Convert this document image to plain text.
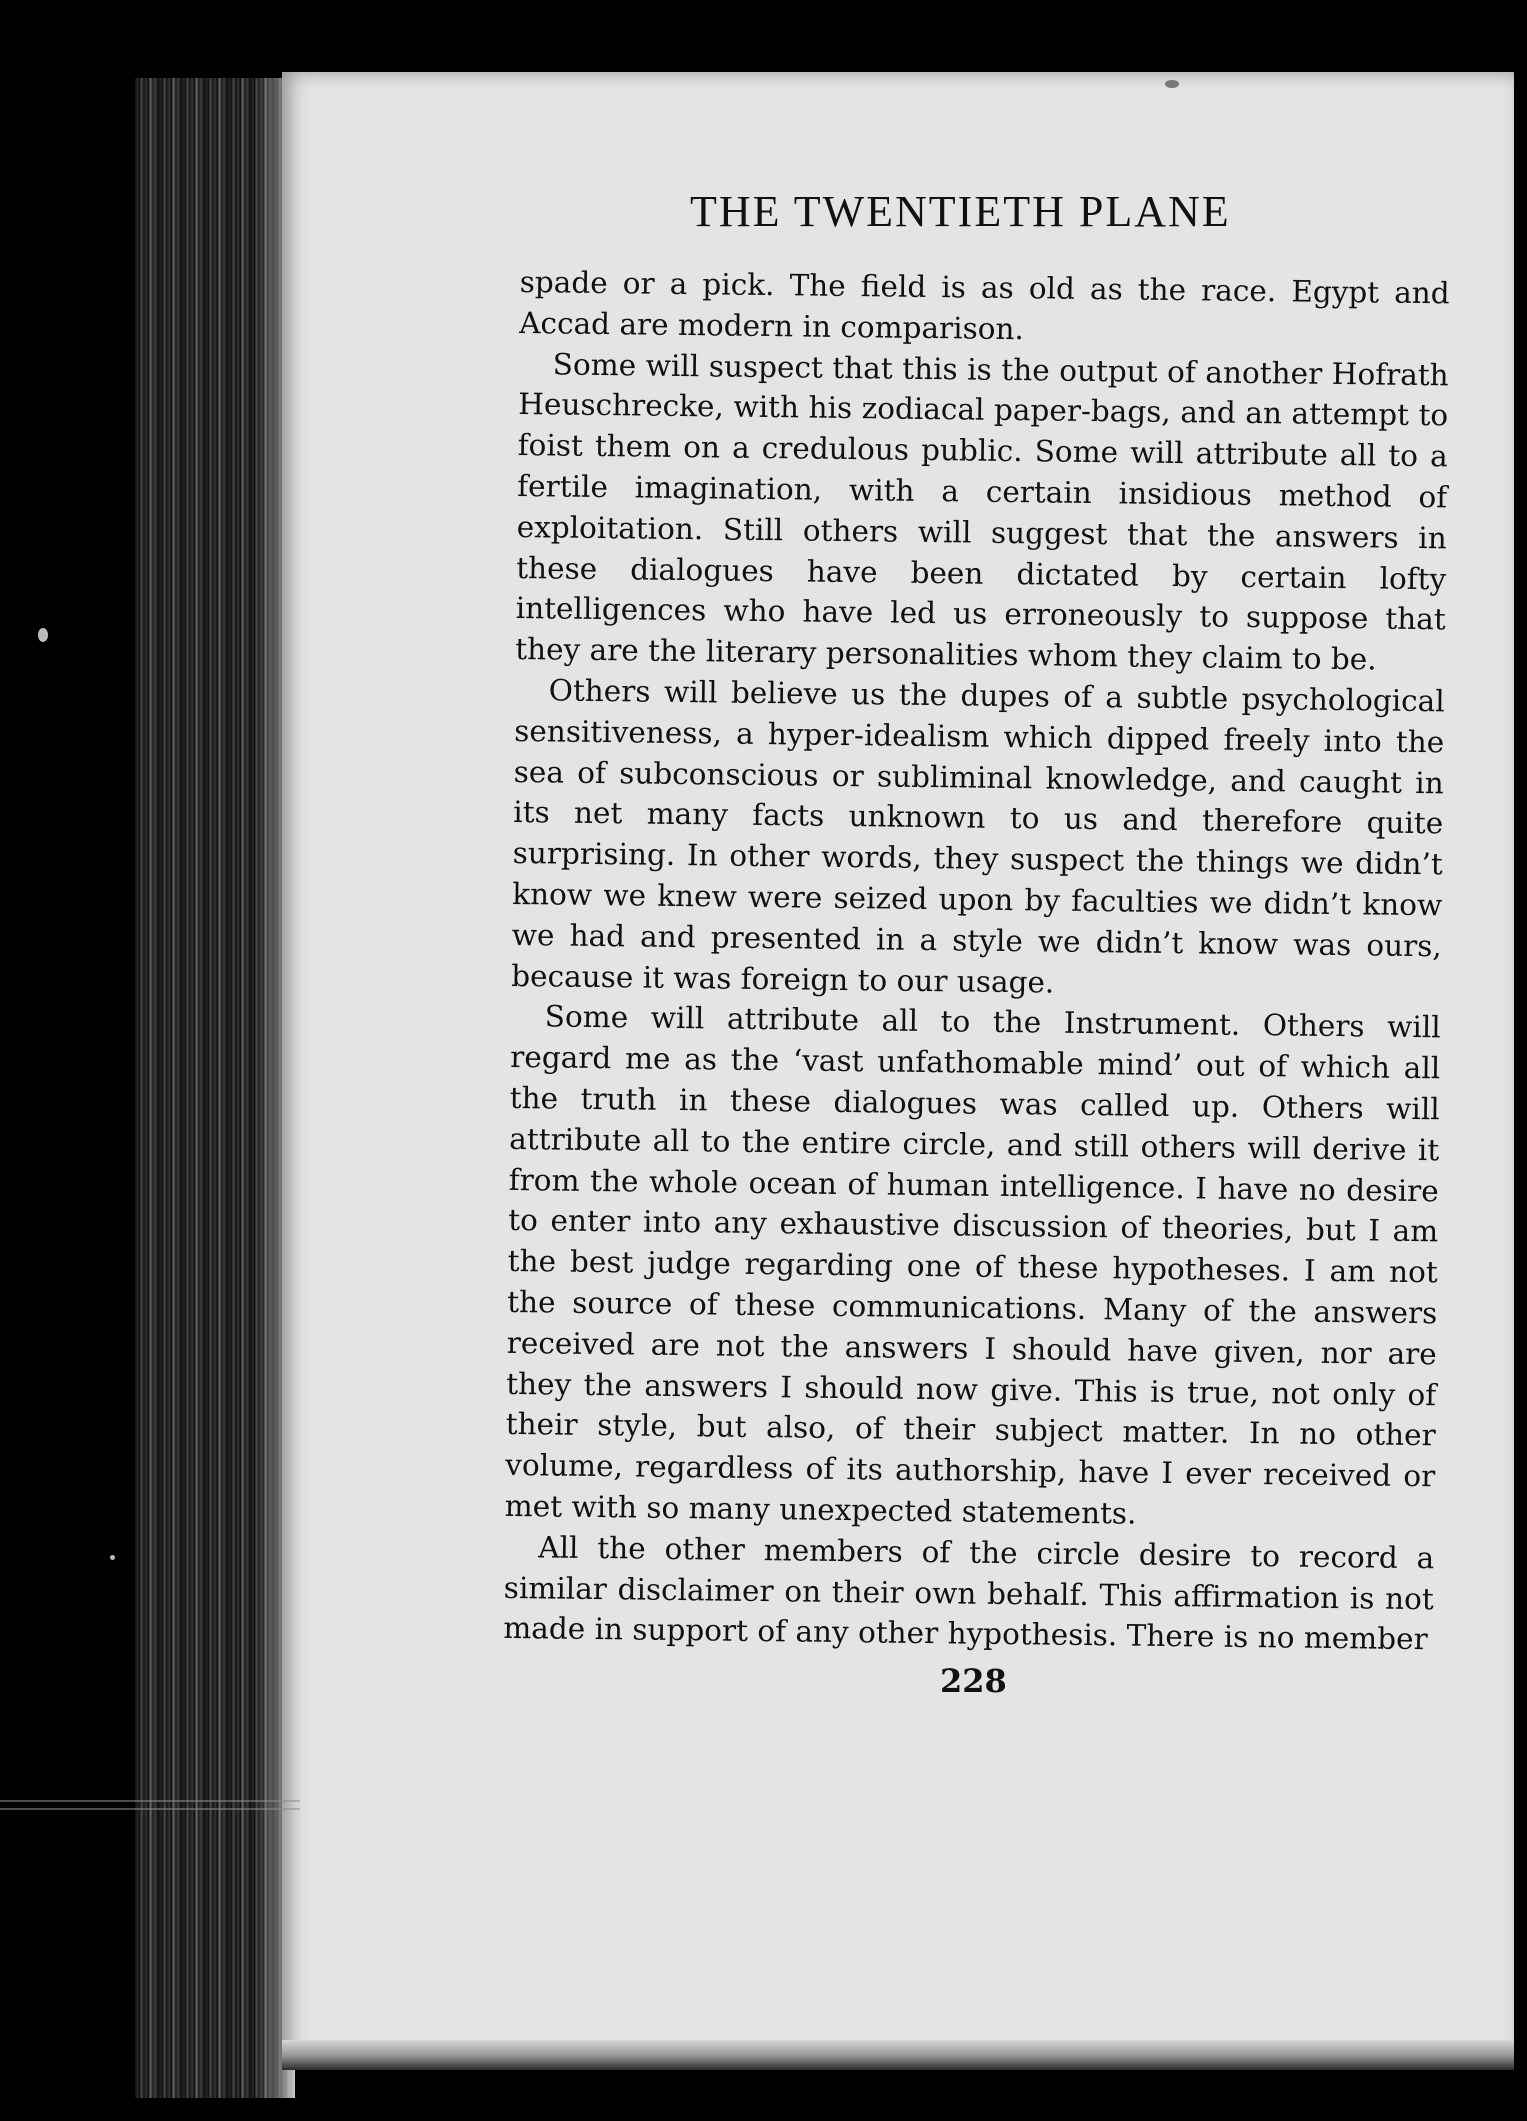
THE TWENTIETH PLANE

spade or a pick. The field is as old as the race. Egypt and Accad are modern in comparison.

Some will suspect that this is the output of another Hofrath Heuschrecke, with his zodiacal paper-bags, and an attempt to foist them on a credulous public. Some will attribute all to a fertile imagination, with a certain insidious method of exploitation. Still others will suggest that the answers in these dialogues have been dictated by certain lofty intelligences who have led us erroneously to suppose that they are the literary personalities whom they claim to be.

Others will believe us the dupes of a subtle psychological sensitiveness, a hyper-idealism which dipped freely into the sea of subconscious or subliminal knowledge, and caught in its net many facts unknown to us and therefore quite surprising. In other words, they suspect the things we didn’t know we knew were seized upon by faculties we didn’t know we had and presented in a style we didn’t know was ours, because it was foreign to our usage.

Some will attribute all to the Instrument. Others will regard me as the ‘vast unfathomable mind’ out of which all the truth in these dialogues was called up. Others will attribute all to the entire circle, and still others will derive it from the whole ocean of human intelligence. I have no desire to enter into any exhaustive discussion of theories, but I am the best judge regarding one of these hypotheses. I am not the source of these communications. Many of the answers received are not the answers I should have given, nor are they the answers I should now give. This is true, not only of their style, but also, of their subject matter. In no other volume, regardless of its authorship, have I ever received or met with so many unexpected statements.

All the other members of the circle desire to record a similar disclaimer on their own behalf. This affirmation is not made in support of any other hypothesis. There is no member

228
